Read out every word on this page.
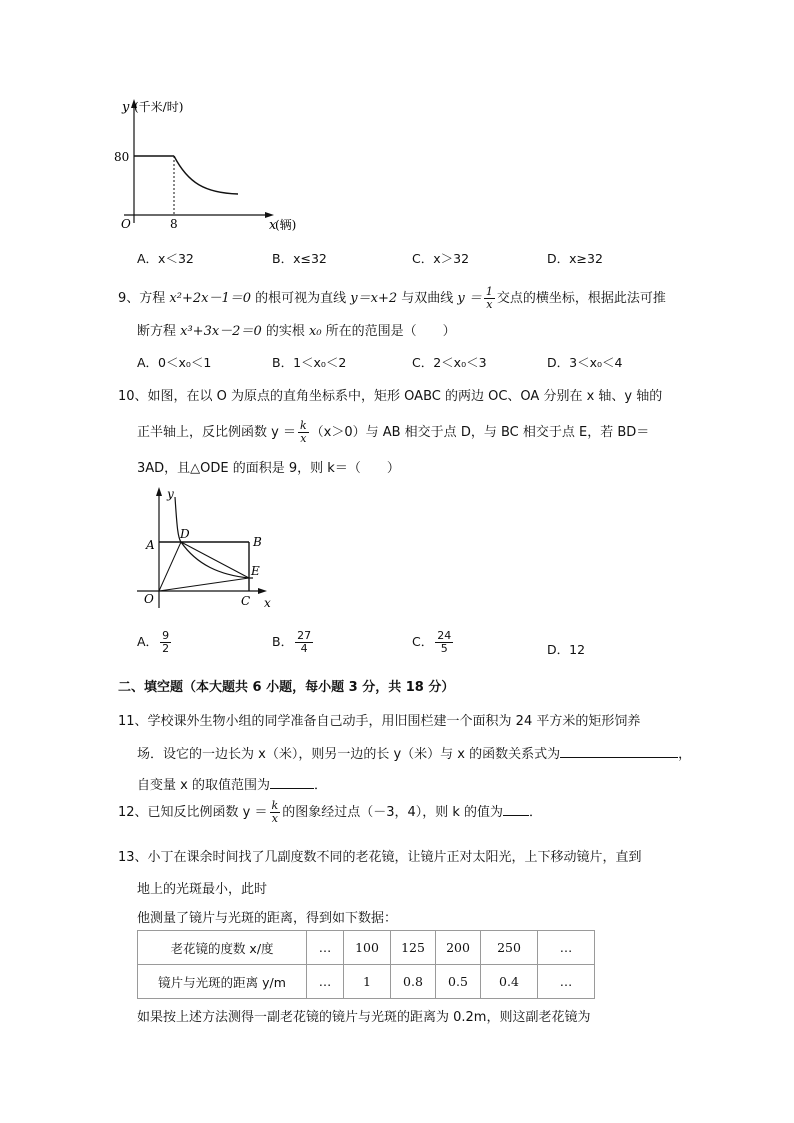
y (千米/时)
80
O	8	x
(辆)
A．x＜32	B．x≤32	C．x＞32	D．x≥32
9、方程 x²+2x－1＝0 的根可视为直线 y＝x+2 与双曲线 $y = \frac{1}{x}$ 交点的横坐标，根据此法可推
断方程 x³+3x－2＝0 的实根 x₀ 所在的范围是（　　）
A．0＜x₀＜1	B．1＜x₀＜2	C．2＜x₀＜3	D．3＜x₀＜4
10、如图，在以 O 为原点的直角坐标系中，矩形 OABC 的两边 OC、OA 分别在 x 轴、y 轴的
正半轴上，反比例函数 $y = \frac{k}{x} (x>0)$与 AB 相交于点 D，与 BC 相交于点 E，若 BD＝
3AD，且△ODE 的面积是 9，则 k＝（　　）
y
A
D
B
E
O	C x
A． $\frac{9}{2}$	B． $\frac{27}{4}$	C． $\frac{24}{5}$	D．12
二、填空题（本大题共 6 小题，每小题 3 分，共 18 分）
11、学校课外生物小组的同学准备自己动手，用旧围栏建一个面积为 24 平方米的矩形饲养
场．设它的一边长为 x（米），则另一边的长 y（米）与 x 的函数关系式为	，
自变量 x 的取值范围为	．
12、已知反比例函数 $y = \frac{k}{x}$ 的图象经过点（－3，4），则 k 的值为 ．
13、小丁在课余时间找了几副度数不同的老花镜，让镜片正对太阳光，上下移动镜片，直到
地上的光斑最小，此时
他测量了镜片与光斑的距离，得到如下数据：
老花镜的度数 x/度	…	100	125	200	250	…
镜片与光斑的距离 y/m	…	1	0.8	0.5	0.4	…
如果按上述方法测得一副老花镜的镜片与光斑的距离为 0.2m，则这副老花镜为
